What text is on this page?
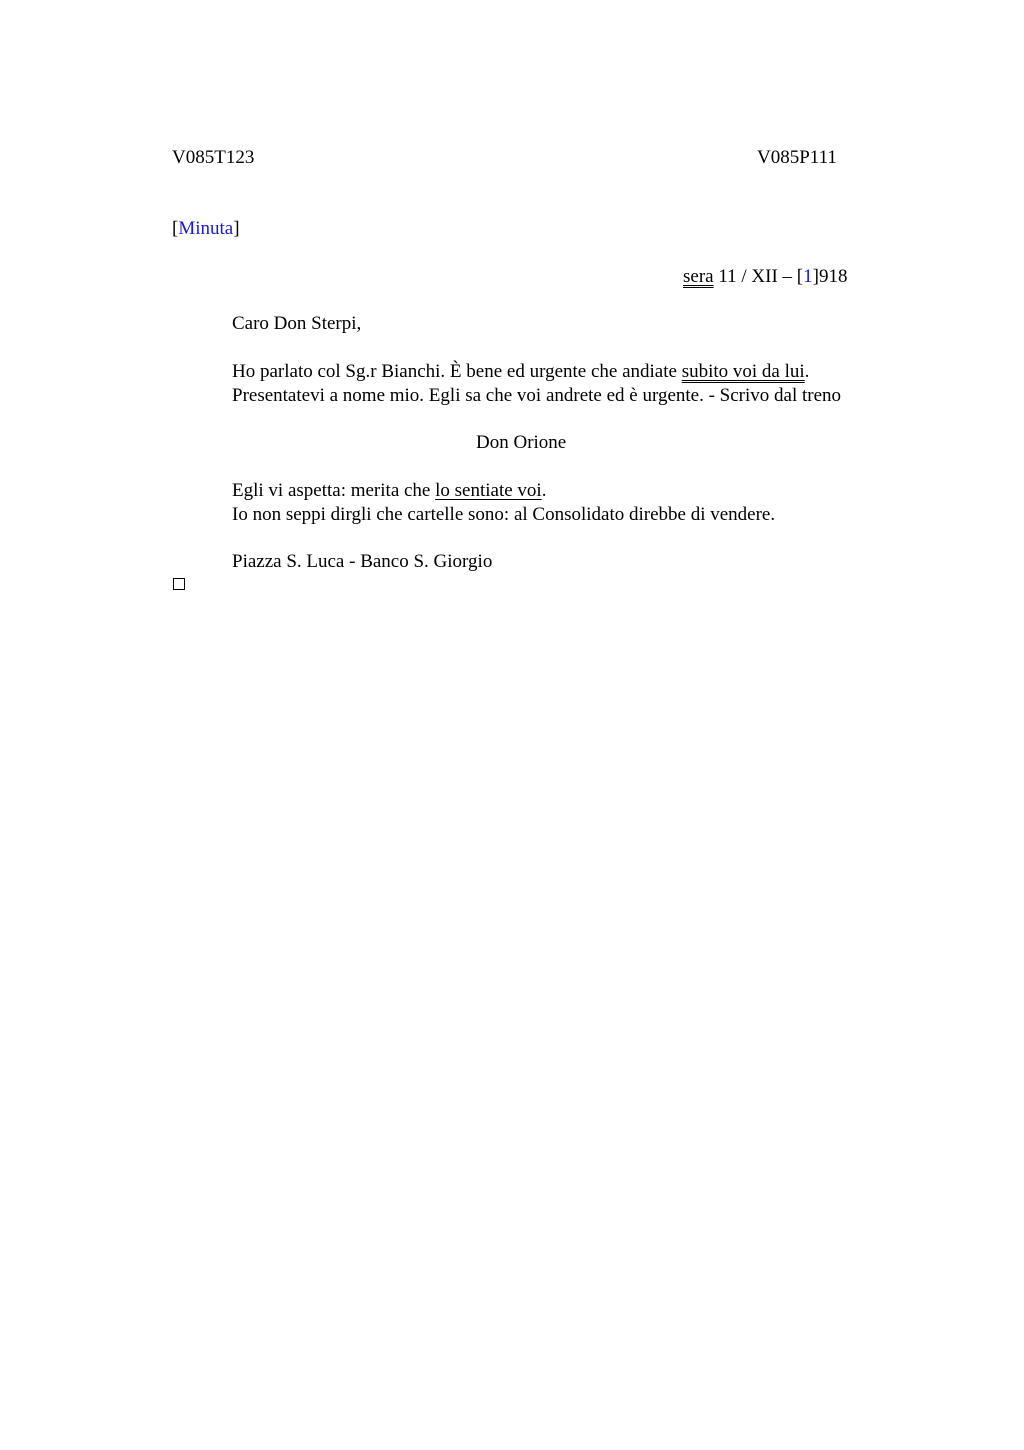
V085T123	V085P111
[Minuta]
sera 11 / XII – [1]918
Caro Don Sterpi,
Ho parlato col Sg.r Bianchi. È bene ed urgente che andiate subito voi da lui.
Presentatevi a nome mio. Egli sa che voi andrete ed è urgente. - Scrivo dal treno
Don Orione
Egli vi aspetta: merita che lo sentiate voi.
Io non seppi dirgli che cartelle sono: al Consolidato direbbe di vendere.
Piazza S. Luca - Banco S. Giorgio
